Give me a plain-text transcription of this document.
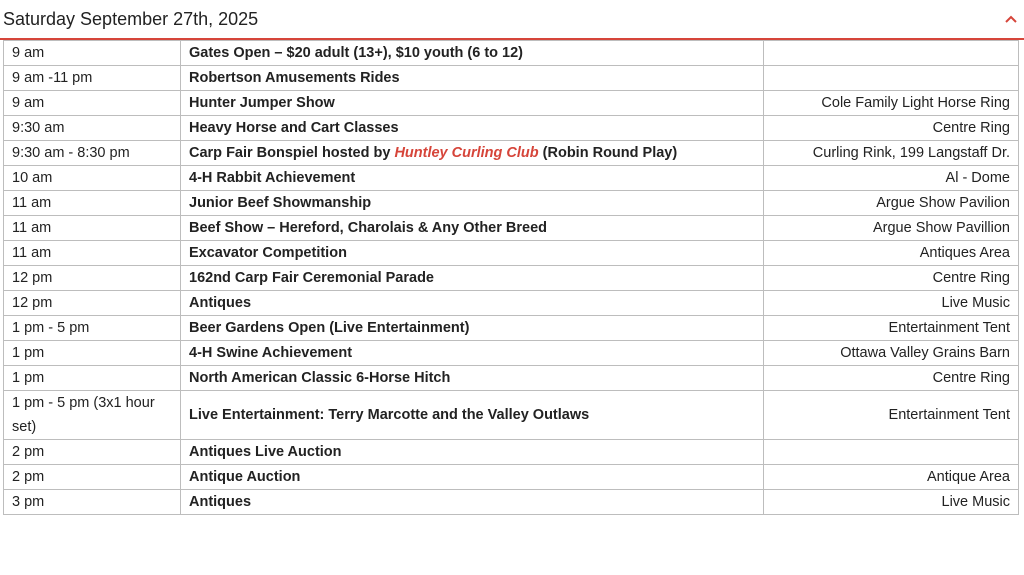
Saturday September 27th, 2025
9 am	Gates Open – $20 adult (13+), $10 youth (6 to 12)	
9 am -11 pm	Robertson Amusements Rides	
9 am	Hunter Jumper Show	Cole Family Light Horse Ring
9:30 am	Heavy Horse and Cart Classes	Centre Ring
9:30 am - 8:30 pm	Carp Fair Bonspiel hosted by Huntley Curling Club (Robin Round Play)	Curling Rink, 199 Langstaff Dr.
10 am	4-H Rabbit Achievement	Al - Dome
11 am	Junior Beef Showmanship	Argue Show Pavilion
11 am	Beef Show – Hereford, Charolais & Any Other Breed	Argue Show Pavillion
11 am	Excavator Competition	Antiques Area
12 pm	162nd Carp Fair Ceremonial Parade	Centre Ring
12 pm	Antiques	Live Music
1 pm - 5 pm	Beer Gardens Open (Live Entertainment)	Entertainment Tent
1 pm	4-H Swine Achievement	Ottawa Valley Grains Barn
1 pm	North American Classic 6-Horse Hitch	Centre Ring
1 pm - 5 pm (3x1 hour set)	Live Entertainment: Terry Marcotte and the Valley Outlaws	Entertainment Tent
2 pm	Antiques Live Auction	
2 pm	Antique Auction	Antique Area
3 pm	Antiques	Live Music
